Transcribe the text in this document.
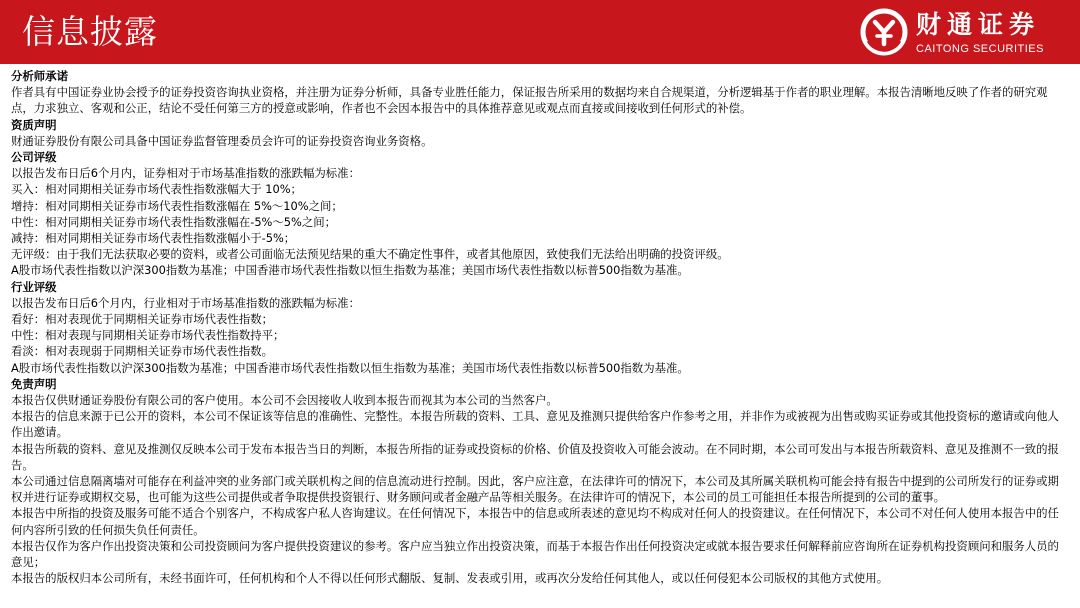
信息披露	财通证券
CAITONG SECURITIES

分析师承诺

作者具有中国证券业协会授予的证券投资咨询执业资格，并注册为证券分析师，具备专业胜任能力，保证报告所采用的数据均来自合规渠道，分析逻辑基于作者的职业理解。本报告清晰地反映了作者的研究观点，力求独立、客观和公正，结论不受任何第三方的授意或影响，作者也不会因本报告中的具体推荐意见或观点而直接或间接收到任何形式的补偿。

资质声明

财通证券股份有限公司具备中国证券监督管理委员会许可的证券投资咨询业务资格。

公司评级

以报告发布日后6个月内，证券相对于市场基准指数的涨跌幅为标准：

买入：相对同期相关证券市场代表性指数涨幅大于 10%；

增持：相对同期相关证券市场代表性指数涨幅在 5%～10%之间；

中性：相对同期相关证券市场代表性指数涨幅在-5%～5%之间；

减持：相对同期相关证券市场代表性指数涨幅小于-5%；

无评级：由于我们无法获取必要的资料，或者公司面临无法预见结果的重大不确定性事件，或者其他原因，致使我们无法给出明确的投资评级。

A股市场代表性指数以沪深300指数为基准；中国香港市场代表性指数以恒生指数为基准；美国市场代表性指数以标普500指数为基准。

行业评级

以报告发布日后6个月内，行业相对于市场基准指数的涨跌幅为标准：

看好：相对表现优于同期相关证券市场代表性指数；

中性：相对表现与同期相关证券市场代表性指数持平；

看淡：相对表现弱于同期相关证券市场代表性指数。

A股市场代表性指数以沪深300指数为基准；中国香港市场代表性指数以恒生指数为基准；美国市场代表性指数以标普500指数为基准。

免责声明

本报告仅供财通证券股份有限公司的客户使用。本公司不会因接收人收到本报告而视其为本公司的当然客户。

本报告的信息来源于已公开的资料，本公司不保证该等信息的准确性、完整性。本报告所载的资料、工具、意见及推测只提供给客户作参考之用，并非作为或被视为出售或购买证券或其他投资标的邀请或向他人作出邀请。

本报告所载的资料、意见及推测仅反映本公司于发布本报告当日的判断，本报告所指的证券或投资标的价格、价值及投资收入可能会波动。在不同时期，本公司可发出与本报告所载资料、意见及推测不一致的报告。

本公司通过信息隔离墙对可能存在利益冲突的业务部门或关联机构之间的信息流动进行控制。因此，客户应注意，在法律许可的情况下，本公司及其所属关联机构可能会持有报告中提到的公司所发行的证券或期权并进行证券或期权交易，也可能为这些公司提供或者争取提供投资银行、财务顾问或者金融产品等相关服务。在法律许可的情况下，本公司的员工可能担任本报告所提到的公司的董事。

本报告中所指的投资及服务可能不适合个别客户，不构成客户私人咨询建议。在任何情况下，本报告中的信息或所表述的意见均不构成对任何人的投资建议。在任何情况下，本公司不对任何人使用本报告中的任何内容所引致的任何损失负任何责任。

本报告仅作为客户作出投资决策和公司投资顾问为客户提供投资建议的参考。客户应当独立作出投资决策，而基于本报告作出任何投资决定或就本报告要求任何解释前应咨询所在证券机构投资顾问和服务人员的意见；

本报告的版权归本公司所有，未经书面许可，任何机构和个人不得以任何形式翻版、复制、发表或引用，或再次分发给任何其他人，或以任何侵犯本公司版权的其他方式使用。
